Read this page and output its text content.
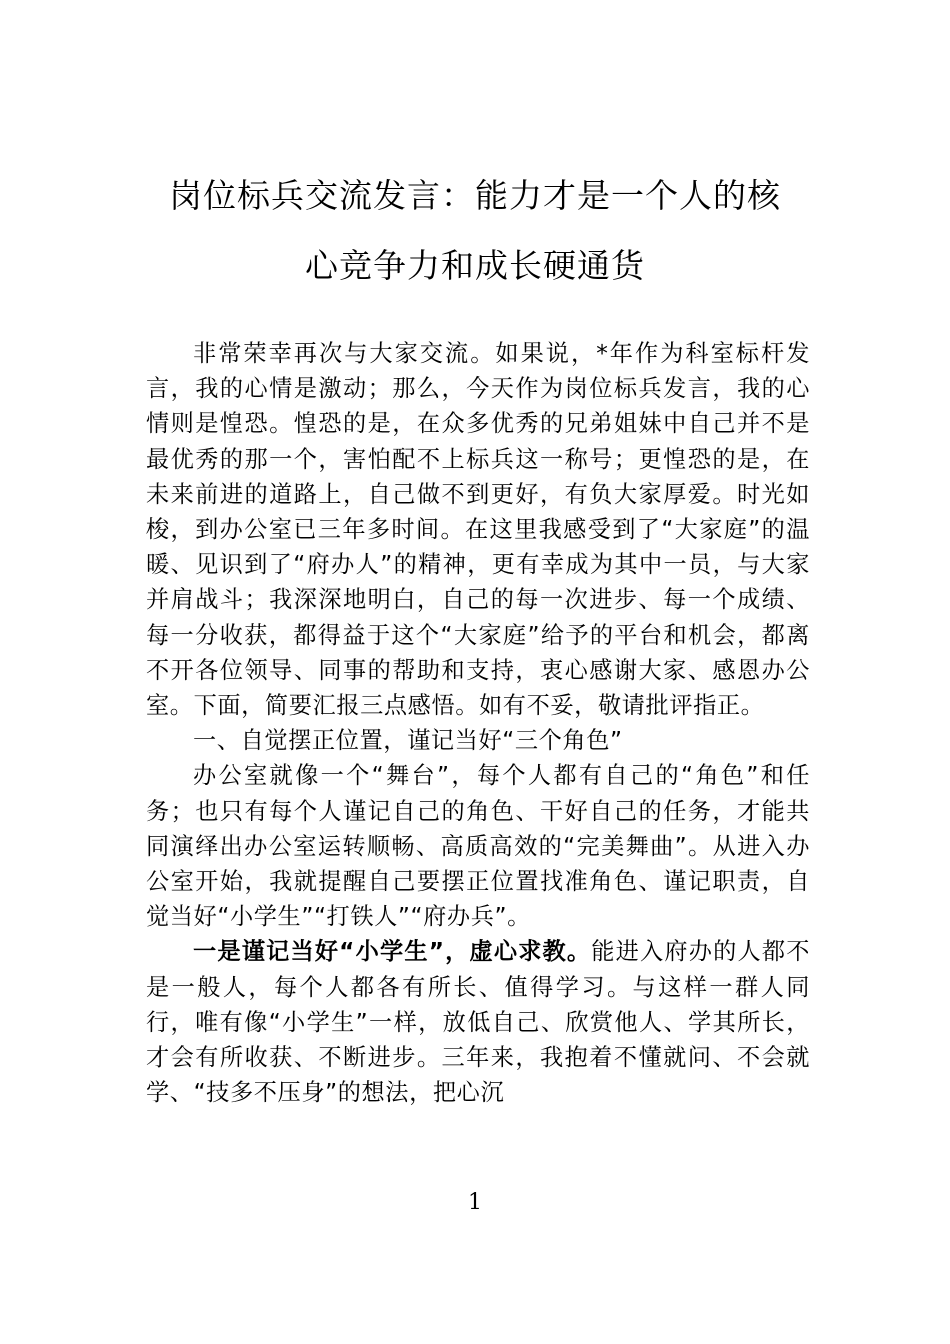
岗位标兵交流发言：能力才是一个人的核
心竞争力和成长硬通货

非常荣幸再次与大家交流。如果说，*年作为科室标杆发言，我的心情是激动；那么，今天作为岗位标兵发言，我的心情则是惶恐。惶恐的是，在众多优秀的兄弟姐妹中自己并不是最优秀的那一个，害怕配不上标兵这一称号；更惶恐的是，在未来前进的道路上，自己做不到更好，有负大家厚爱。时光如梭，到办公室已三年多时间。在这里我感受到了“大家庭”的温暖、见识到了“府办人”的精神，更有幸成为其中一员，与大家并肩战斗；我深深地明白，自己的每一次进步、每一个成绩、每一分收获，都得益于这个“大家庭”给予的平台和机会，都离不开各位领导、同事的帮助和支持，衷心感谢大家、感恩办公室。下面，简要汇报三点感悟。如有不妥，敬请批评指正。

一、自觉摆正位置，谨记当好“三个角色”

办公室就像一个“舞台”，每个人都有自己的“角色”和任务；也只有每个人谨记自己的角色、干好自己的任务，才能共同演绎出办公室运转顺畅、高质高效的“完美舞曲”。从进入办公室开始，我就提醒自己要摆正位置找准角色、谨记职责，自觉当好“小学生”“打铁人”“府办兵”。

一是谨记当好“小学生”，虚心求教。能进入府办的人都不是一般人，每个人都各有所长、值得学习。与这样一群人同行，唯有像“小学生”一样，放低自己、欣赏他人、学其所长，才会有所收获、不断进步。三年来，我抱着不懂就问、不会就学、“技多不压身”的想法，把心沉

1
